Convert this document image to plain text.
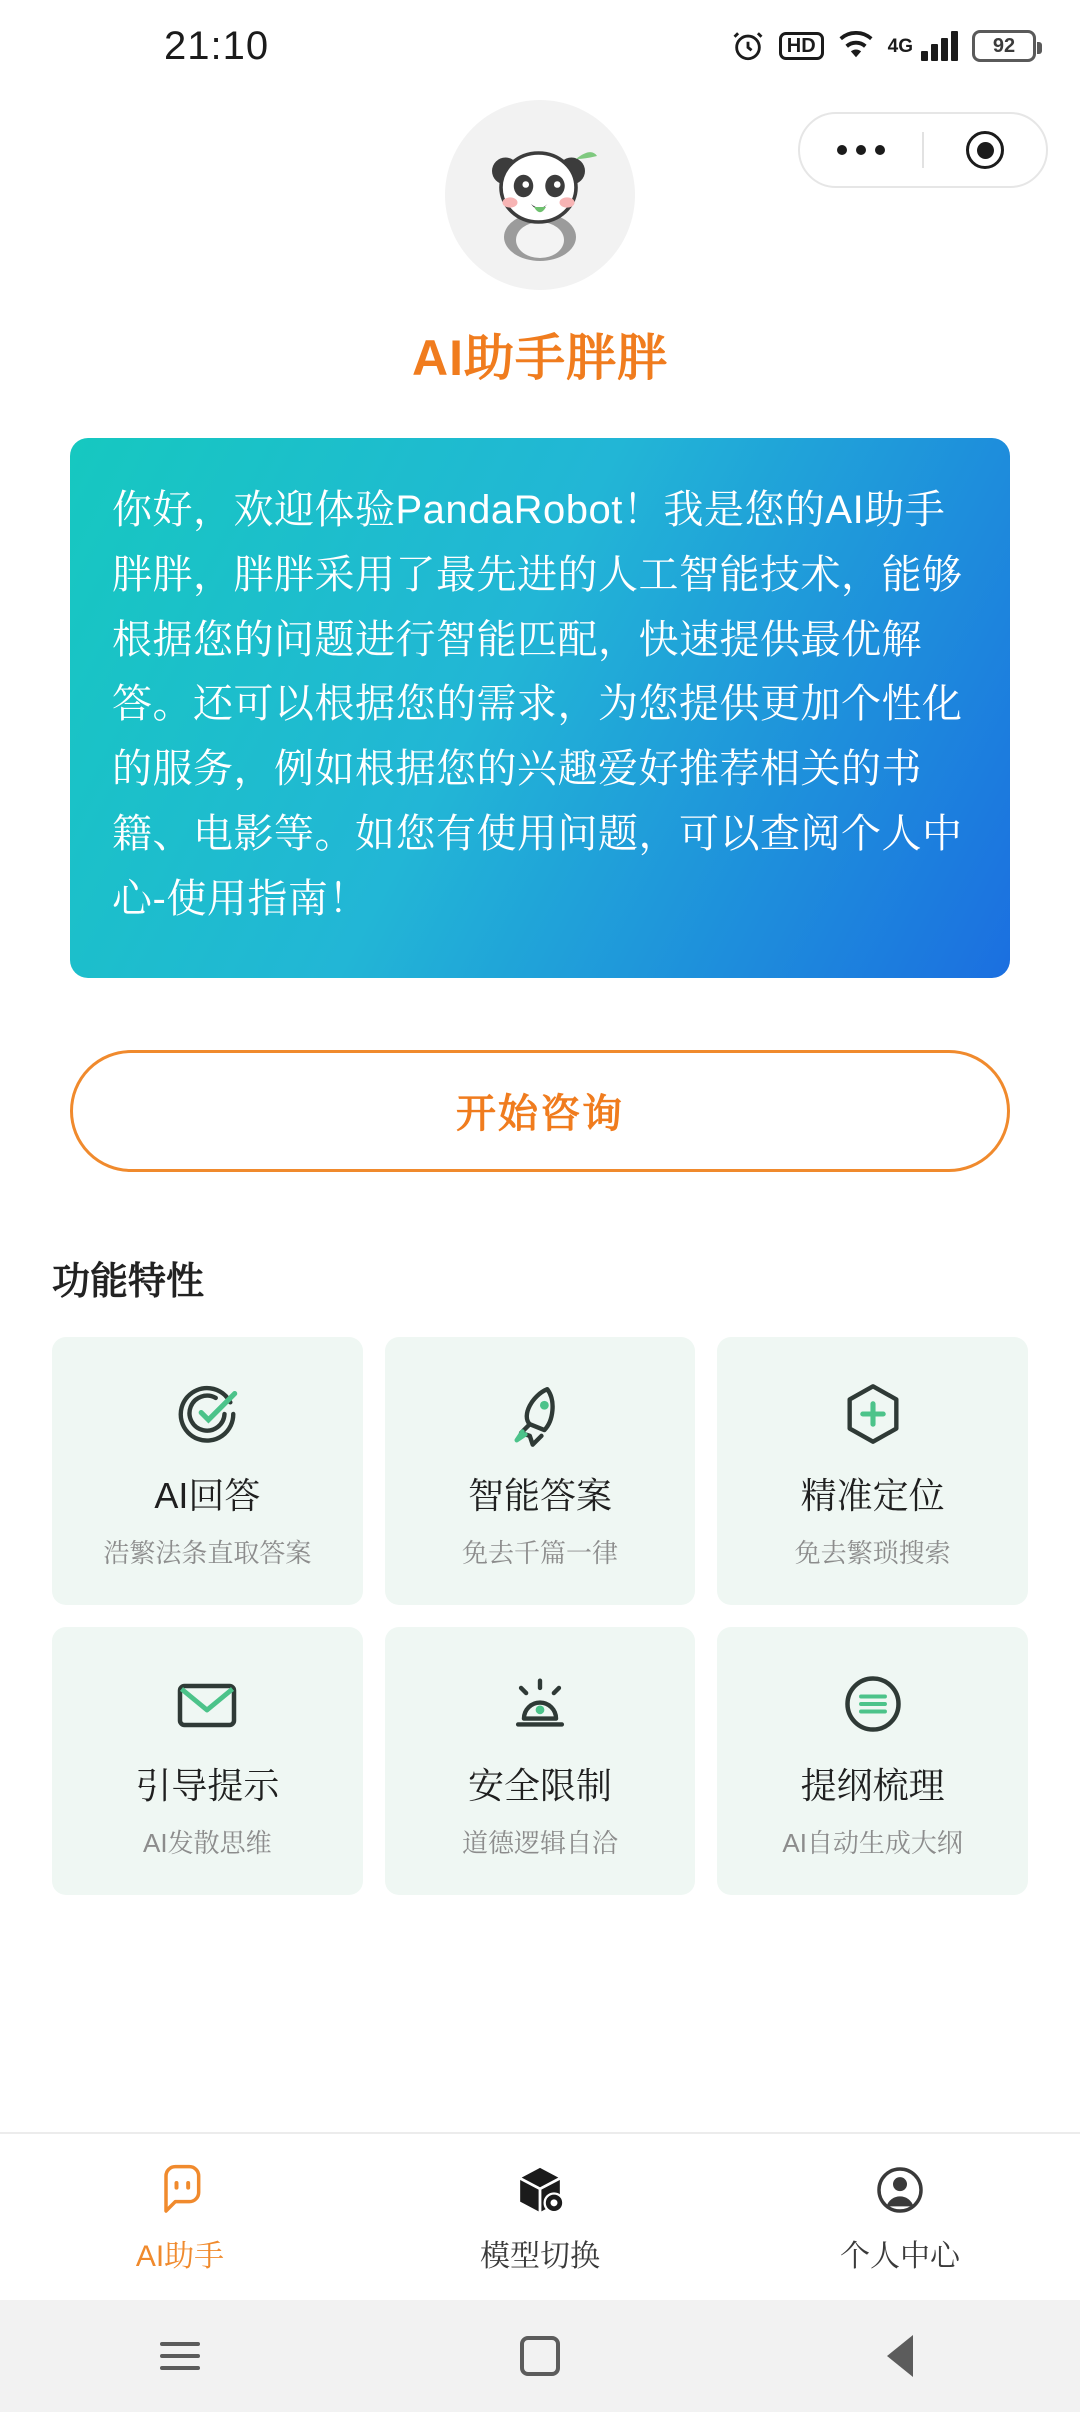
21:10	HD	4G	92
AI助手胖胖
你好，欢迎体验PandaRobot！我是您的AI助手胖胖，胖胖采用了最先进的人工智能技术，能够根据您的问题进行智能匹配，快速提供最优解答。还可以根据您的需求，为您提供更加个性化的服务，例如根据您的兴趣爱好推荐相关的书籍、电影等。如您有使用问题，可以查阅个人中心-使用指南！
开始咨询
功能特性
AI回答
浩繁法条直取答案
智能答案
免去千篇一律
精准定位
免去繁琐搜索
引导提示
AI发散思维
安全限制
道德逻辑自洽
提纲梳理
AI自动生成大纲
AI助手	模型切换	个人中心
